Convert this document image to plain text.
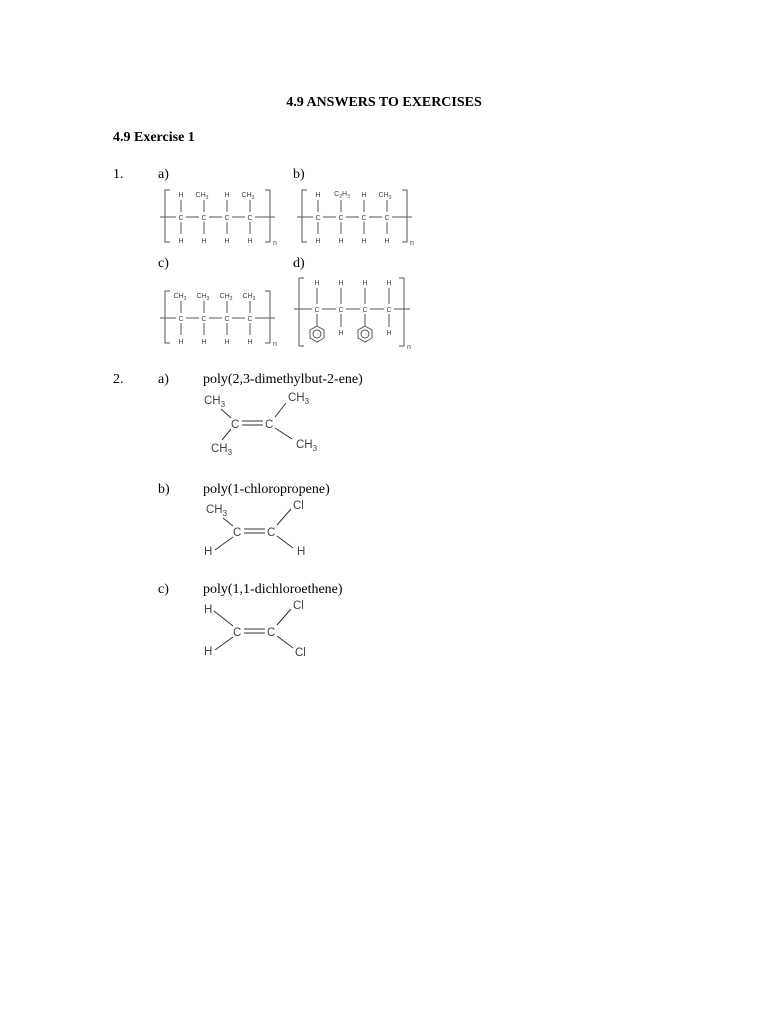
4.9 ANSWERS TO EXERCISES
4.9 Exercise 1
1. a)	b)
c)	d)
C	C	C	C
H $CH_3$ H $CH_3$
H	H	H	H	n
C	C	C	C
H $C_2H_3$ H $CH_3$
H	H	H	H	n
C	C	C	C
$CH_3$ $CH_3$ $CH_3$ $CH_3$
H	H	H	H	n
C	C	C	C
H	H	H	H
H	H
n
2. a) poly(2,3-dimethylbut-2-ene)
$CH_3$
$CH_3$
C C
$CH_3$
$CH_3$
b) poly(1-chloropropene)
$CH_3$
Cl
C C
H	H
c) poly(1,1-dichloroethene)
H	Cl
C C
H	Cl
